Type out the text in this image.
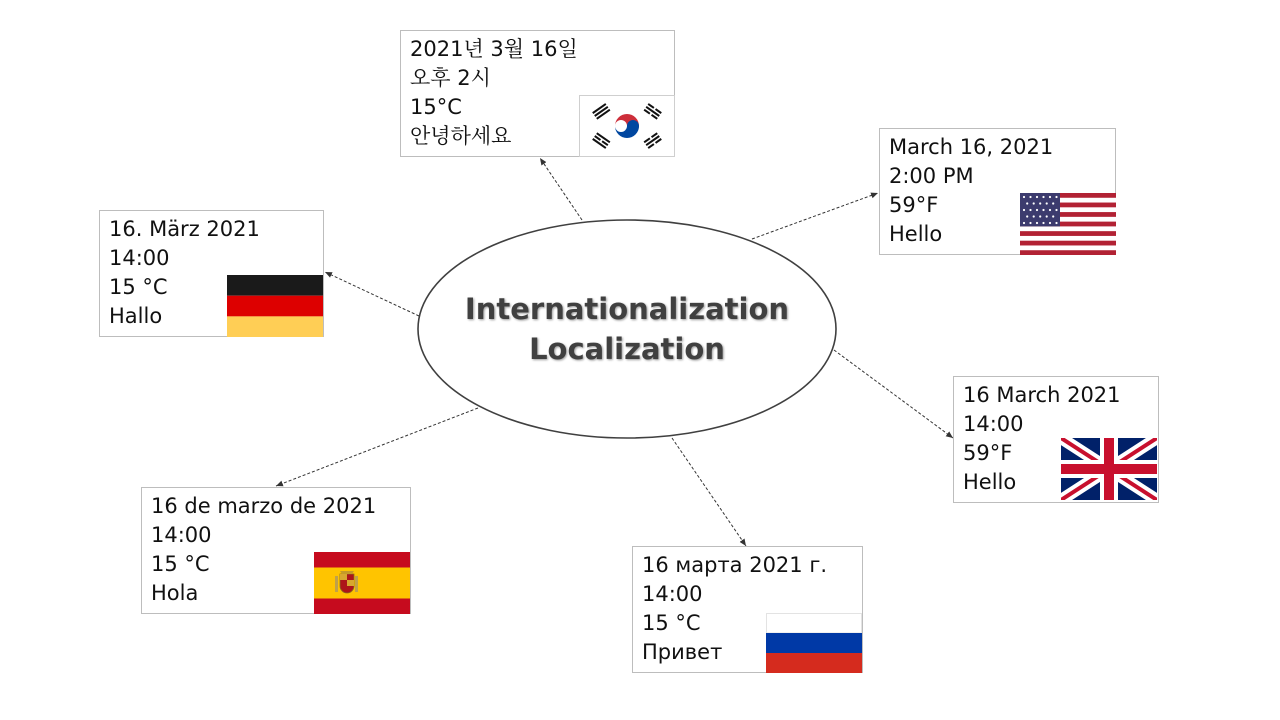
Internationalization
Localization
2021년 3월 16일
오후 2시
15°C
안녕하세요	March 16, 2021
2:00 PM
59°F
Hello
16. März 2021
14:00
15 °C
Hallo
16 March 2021
14:00
59°F
Hello
16 de marzo de 2021
14:00
15 °C
Hola
16 марта 2021 г.
14:00
15 °C
Привет
